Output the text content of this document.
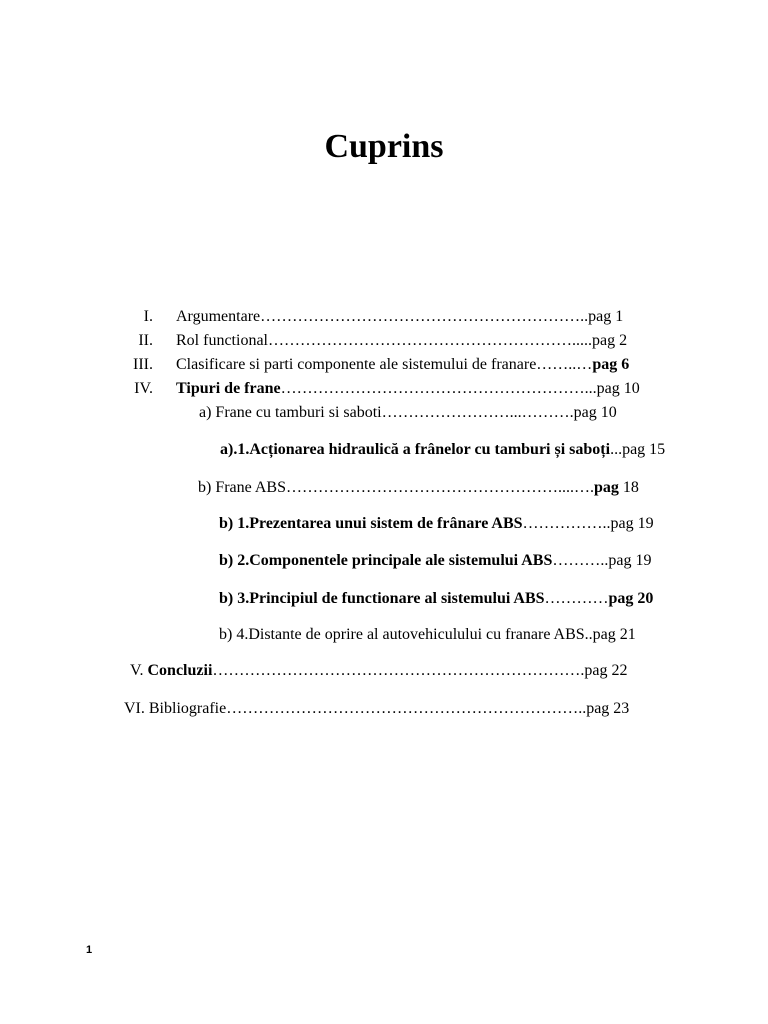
Cuprins
I. Argumentare……………………………………………………..pag 1
II. Rol functional………………………………………………….....pag 2
III. Clasificare si parti componente ale sistemului de franare……..…pag 6
IV. Tipuri de frane…………………………………………………...pag 10
a) Frane cu tamburi si saboti……………………...……….pag 10
a).1.Acționarea hidraulică a frânelor cu tamburi și saboți...pag 15
b) Frane ABS……………………………………………....….pag 18
b) 1.Prezentarea unui sistem de frânare ABS……………..pag 19
b) 2.Componentele principale ale sistemului ABS………..pag 19
b) 3.Principiul de functionare al sistemului ABS…………pag 20
b) 4.Distante de oprire al autovehiculului cu franare ABS..pag 21
V. Concluzii…………………………………………………………….pag 22
VI. Bibliografie…………………………………………………………..pag 23
1
